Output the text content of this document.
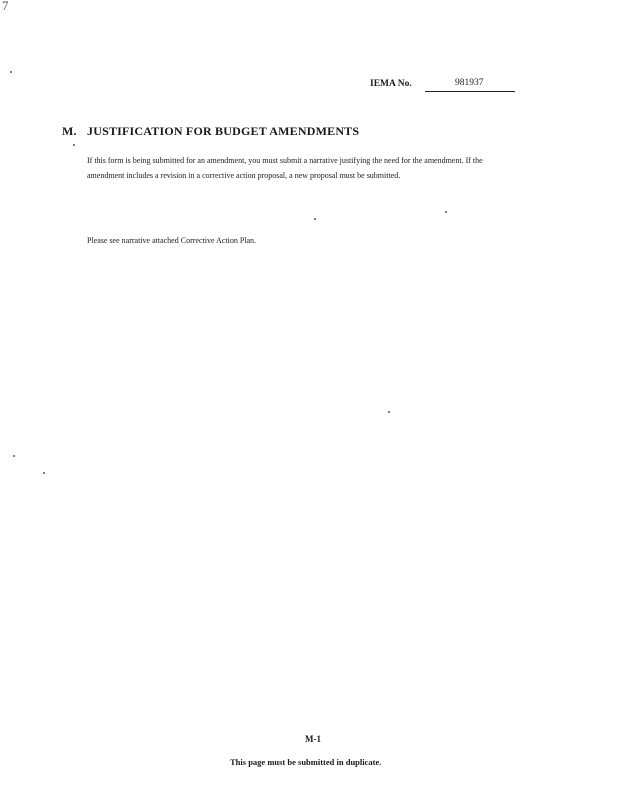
7
IEMA No.	981937
M. JUSTIFICATION FOR BUDGET AMENDMENTS
If this form is being submitted for an amendment, you must submit a narrative justifying the need for the amendment. If the amendment includes a revision in a corrective action proposal, a new proposal must be submitted.
Please see narrative attached Corrective Action Plan.
M-1
This page must be submitted in duplicate.
